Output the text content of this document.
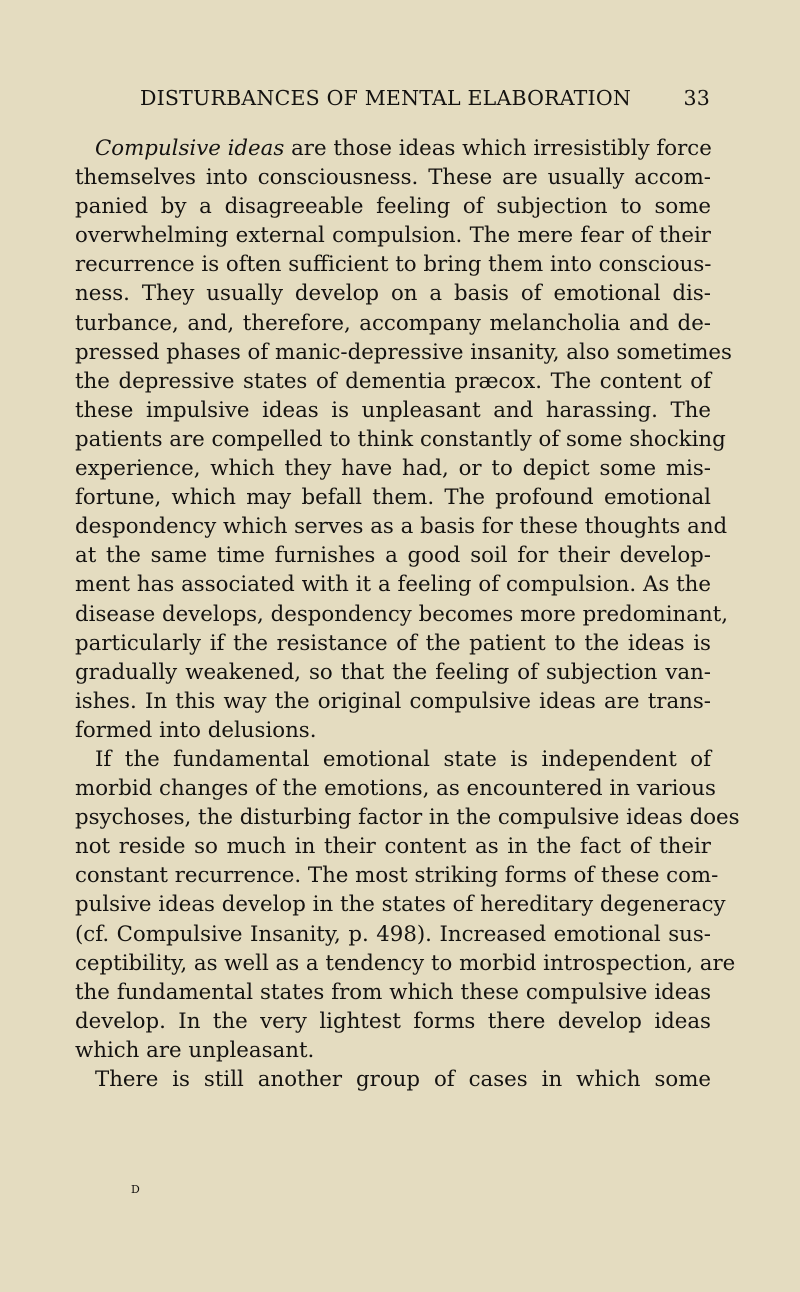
DISTURBANCES OF MENTAL ELABORATION	33
Compulsive ideas are those ideas which irresistibly force
themselves into consciousness. These are usually accom-
panied by a disagreeable feeling of subjection to some
overwhelming external compulsion. The mere fear of their
recurrence is often sufficient to bring them into conscious-
ness. They usually develop on a basis of emotional dis-
turbance, and, therefore, accompany melancholia and de-
pressed phases of manic-depressive insanity, also sometimes
the depressive states of dementia præcox. The content of
these impulsive ideas is unpleasant and harassing. The
patients are compelled to think constantly of some shocking
experience, which they have had, or to depict some mis-
fortune, which may befall them. The profound emotional
despondency which serves as a basis for these thoughts and
at the same time furnishes a good soil for their develop-
ment has associated with it a feeling of compulsion. As the
disease develops, despondency becomes more predominant,
particularly if the resistance of the patient to the ideas is
gradually weakened, so that the feeling of subjection van-
ishes. In this way the original compulsive ideas are trans-
formed into delusions.
If the fundamental emotional state is independent of
morbid changes of the emotions, as encountered in various
psychoses, the disturbing factor in the compulsive ideas does
not reside so much in their content as in the fact of their
constant recurrence. The most striking forms of these com-
pulsive ideas develop in the states of hereditary degeneracy
(cf. Compulsive Insanity, p. 498). Increased emotional sus-
ceptibility, as well as a tendency to morbid introspection, are
the fundamental states from which these compulsive ideas
develop. In the very lightest forms there develop ideas
which are unpleasant.
There is still another group of cases in which some
D
